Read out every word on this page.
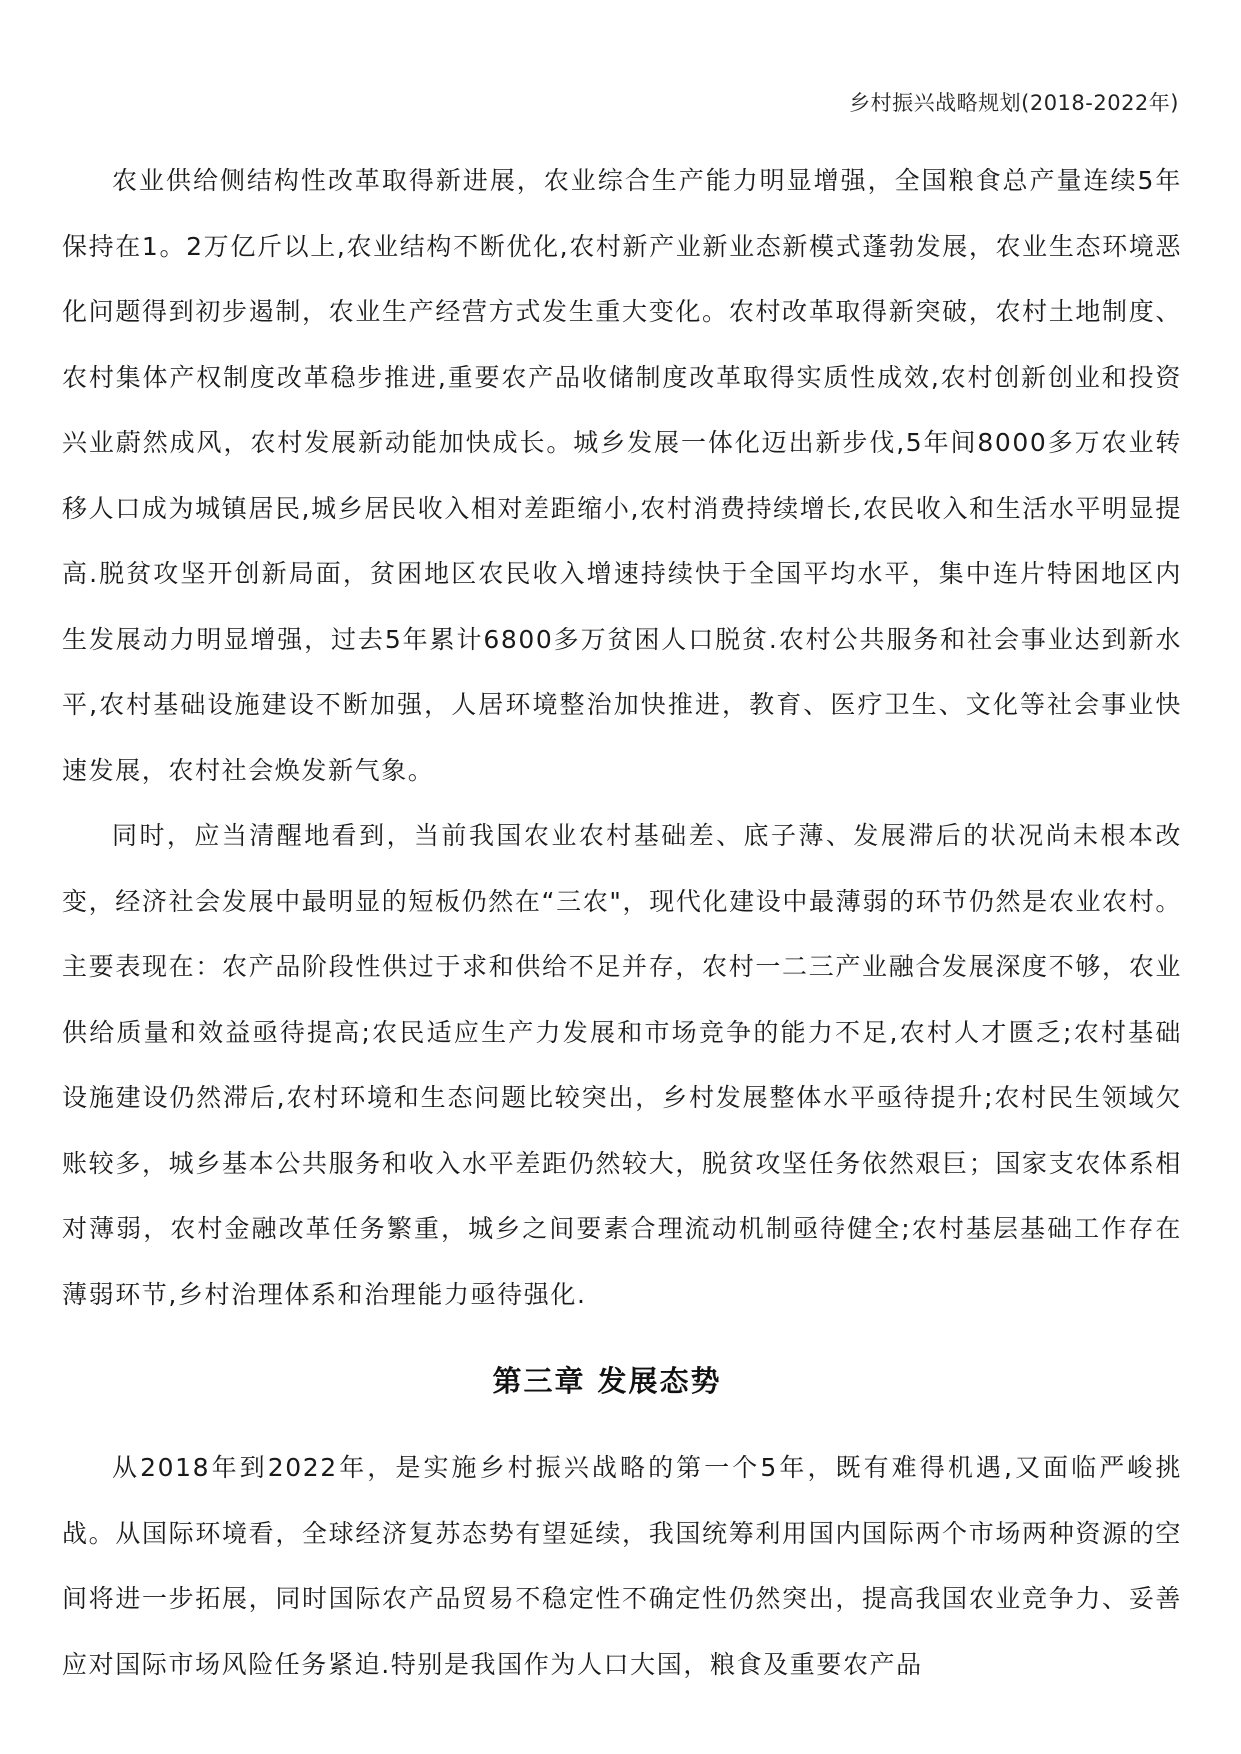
乡村振兴战略规划(2018-2022年)

农业供给侧结构性改革取得新进展，农业综合生产能力明显增强，全国粮食总产量连续5年保持在1。2万亿斤以上,农业结构不断优化,农村新产业新业态新模式蓬勃发展，农业生态环境恶化问题得到初步遏制，农业生产经营方式发生重大变化。农村改革取得新突破，农村土地制度、农村集体产权制度改革稳步推进,重要农产品收储制度改革取得实质性成效,农村创新创业和投资兴业蔚然成风，农村发展新动能加快成长。城乡发展一体化迈出新步伐,5年间8000多万农业转移人口成为城镇居民,城乡居民收入相对差距缩小,农村消费持续增长,农民收入和生活水平明显提高.脱贫攻坚开创新局面，贫困地区农民收入增速持续快于全国平均水平，集中连片特困地区内生发展动力明显增强，过去5年累计6800多万贫困人口脱贫.农村公共服务和社会事业达到新水平,农村基础设施建设不断加强，人居环境整治加快推进，教育、医疗卫生、文化等社会事业快速发展，农村社会焕发新气象。

同时，应当清醒地看到，当前我国农业农村基础差、底子薄、发展滞后的状况尚未根本改变，经济社会发展中最明显的短板仍然在“三农"，现代化建设中最薄弱的环节仍然是农业农村。主要表现在：农产品阶段性供过于求和供给不足并存，农村一二三产业融合发展深度不够，农业供给质量和效益亟待提高;农民适应生产力发展和市场竞争的能力不足,农村人才匮乏;农村基础设施建设仍然滞后,农村环境和生态问题比较突出，乡村发展整体水平亟待提升;农村民生领域欠账较多，城乡基本公共服务和收入水平差距仍然较大，脱贫攻坚任务依然艰巨；国家支农体系相对薄弱，农村金融改革任务繁重，城乡之间要素合理流动机制亟待健全;农村基层基础工作存在薄弱环节,乡村治理体系和治理能力亟待强化.

第三章 发展态势

从2018年到2022年，是实施乡村振兴战略的第一个5年，既有难得机遇,又面临严峻挑战。从国际环境看，全球经济复苏态势有望延续，我国统筹利用国内国际两个市场两种资源的空间将进一步拓展，同时国际农产品贸易不稳定性不确定性仍然突出，提高我国农业竞争力、妥善应对国际市场风险任务紧迫.特别是我国作为人口大国，粮食及重要农产品
